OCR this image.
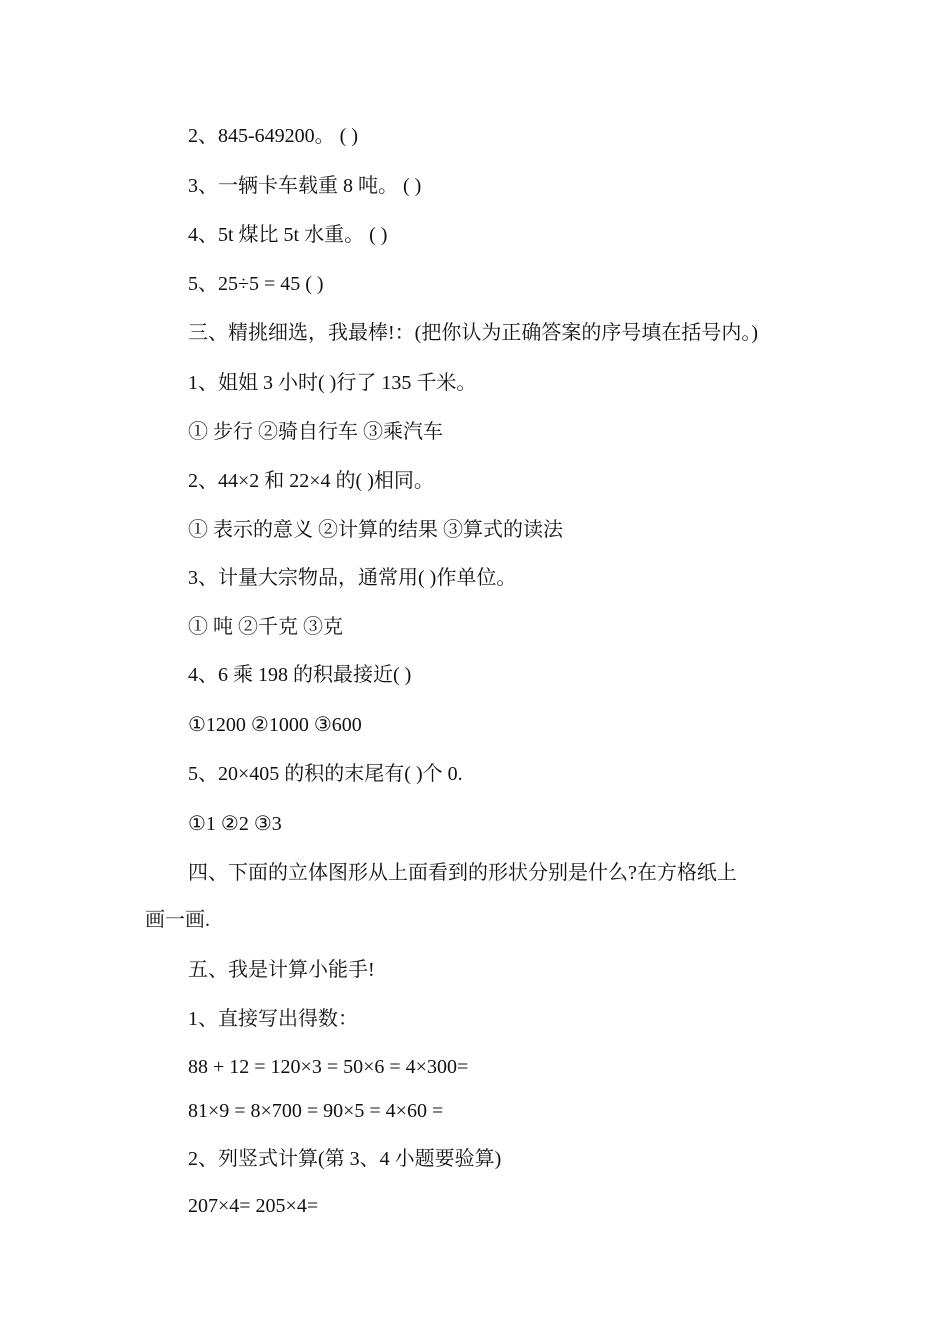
2、845-649200。 ( )
3、一辆卡车载重 8 吨。 ( )
4、5t 煤比 5t 水重。 ( )
5、25÷5 = 45 ( )
三、精挑细选，我最棒!：(把你认为正确答案的序号填在括号内。)
1、姐姐 3 小时( )行了 135 千米。
① 步行 ②骑自行车 ③乘汽车
2、44×2 和 22×4 的( )相同。
① 表示的意义 ②计算的结果 ③算式的读法
3、计量大宗物品，通常用( )作单位。
① 吨 ②千克 ③克
4、6 乘 198 的积最接近( )
①1200 ②1000 ③600
5、20×405 的积的末尾有( )个 0.
①1 ②2 ③3
四、下面的立体图形从上面看到的形状分别是什么?在方格纸上
画一画.
五、我是计算小能手!
1、直接写出得数：
88 + 12 = 120×3 = 50×6 = 4×300=
81×9 = 8×700 = 90×5 = 4×60 =
2、列竖式计算(第 3、4 小题要验算)
207×4= 205×4=
